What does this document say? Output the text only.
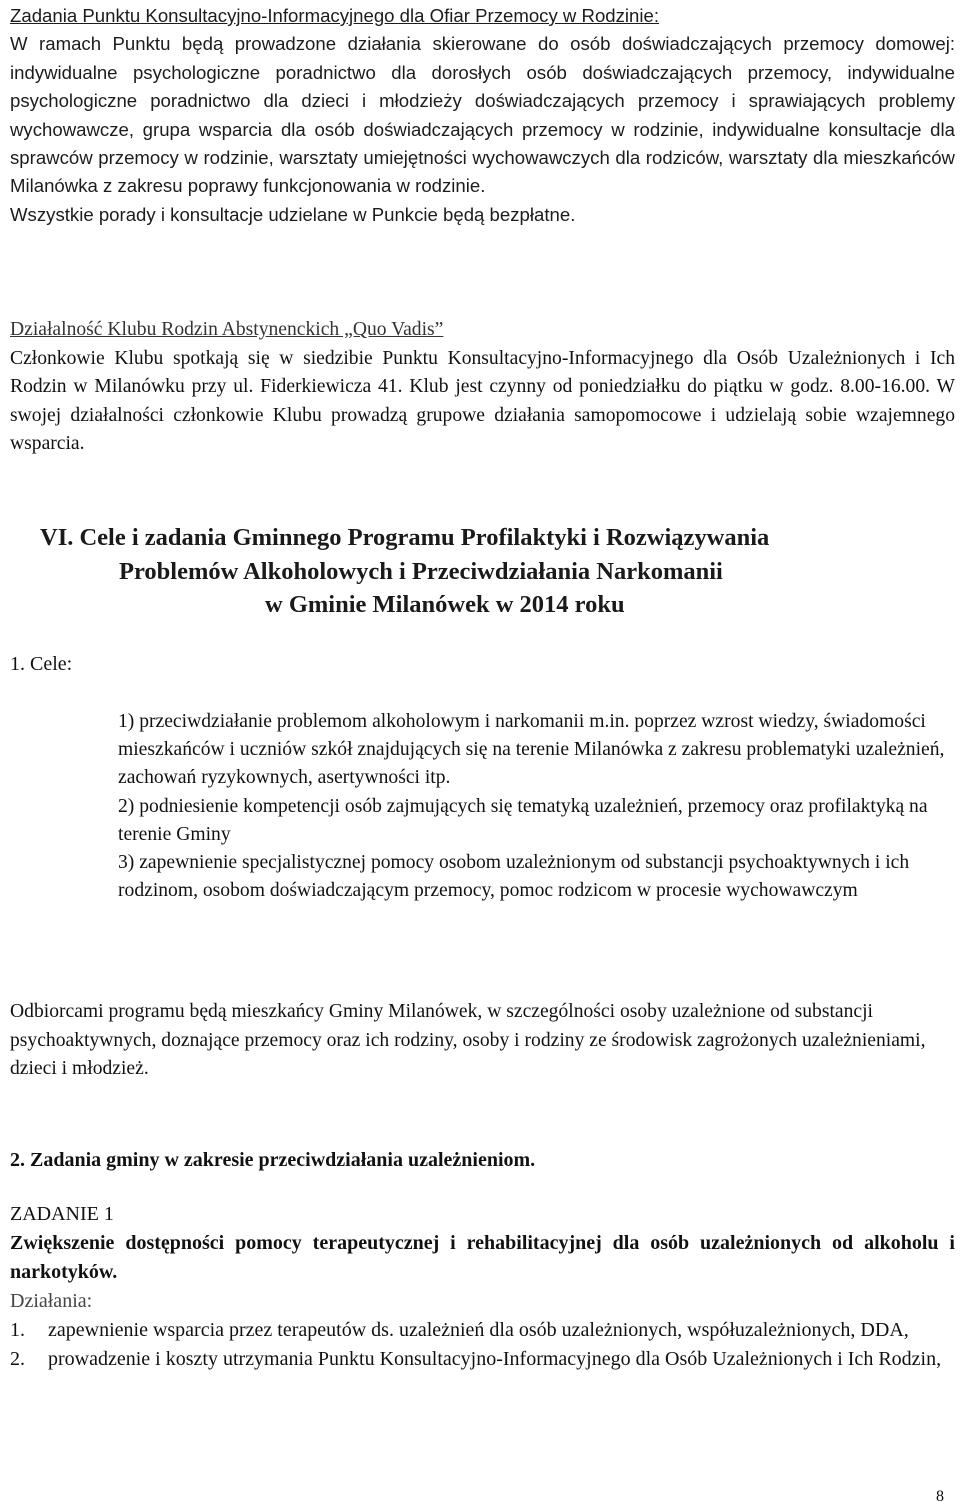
Zadania Punktu Konsultacyjno-Informacyjnego dla Ofiar Przemocy w Rodzinie:

W ramach Punktu będą prowadzone działania skierowane do osób doświadczających przemocy domowej: indywidualne psychologiczne poradnictwo dla dorosłych osób doświadczających przemocy, indywidualne psychologiczne poradnictwo dla dzieci i młodzieży doświadczających przemocy i sprawiających problemy wychowawcze, grupa wsparcia dla osób doświadczających przemocy w rodzinie, indywidualne konsultacje dla sprawców przemocy w rodzinie, warsztaty umiejętności wychowawczych dla rodziców, warsztaty dla mieszkańców Milanówka z zakresu poprawy funkcjonowania w rodzinie.

Wszystkie porady i konsultacje udzielane w Punkcie będą bezpłatne.

Działalność Klubu Rodzin Abstynenckich „Quo Vadis”

Członkowie Klubu spotkają się w siedzibie Punktu Konsultacyjno-Informacyjnego dla Osób Uzależnionych i Ich Rodzin w Milanówku przy ul. Fiderkiewicza 41. Klub jest czynny od poniedziałku do piątku w godz. 8.00-16.00. W swojej działalności członkowie Klubu prowadzą grupowe działania samopomocowe i udzielają sobie wzajemnego wsparcia.

VI. Cele i zadania Gminnego Programu Profilaktyki i Rozwiązywania
Problemów Alkoholowych i Przeciwdziałania Narkomanii
w Gminie Milanówek w 2014 roku
1. Cele:

1) przeciwdziałanie problemom alkoholowym i narkomanii m.in. poprzez wzrost wiedzy, świadomości mieszkańców i uczniów szkół znajdujących się na terenie Milanówka z zakresu problematyki uzależnień, zachowań ryzykownych, asertywności itp.

2) podniesienie kompetencji osób zajmujących się tematyką uzależnień, przemocy oraz profilaktyką na terenie Gminy

3) zapewnienie specjalistycznej pomocy osobom uzależnionym od substancji psychoaktywnych i ich rodzinom, osobom doświadczającym przemocy, pomoc rodzicom w procesie wychowawczym

Odbiorcami programu będą mieszkańcy Gminy Milanówek, w szczególności osoby uzależnione od substancji psychoaktywnych, doznające przemocy oraz ich rodziny, osoby i rodziny ze środowisk zagrożonych uzależnieniami, dzieci i młodzież.

2. Zadania gminy w zakresie przeciwdziałania uzależnieniom.

ZADANIE 1

Zwiększenie dostępności pomocy terapeutycznej i rehabilitacyjnej dla osób uzależnionych od alkoholu i narkotyków.

Działania:

1. zapewnienie wsparcia przez terapeutów ds. uzależnień dla osób uzależnionych, współuzależnionych, DDA,
2. prowadzenie i koszty utrzymania Punktu Konsultacyjno-Informacyjnego dla Osób Uzależnionych i Ich Rodzin,
8
